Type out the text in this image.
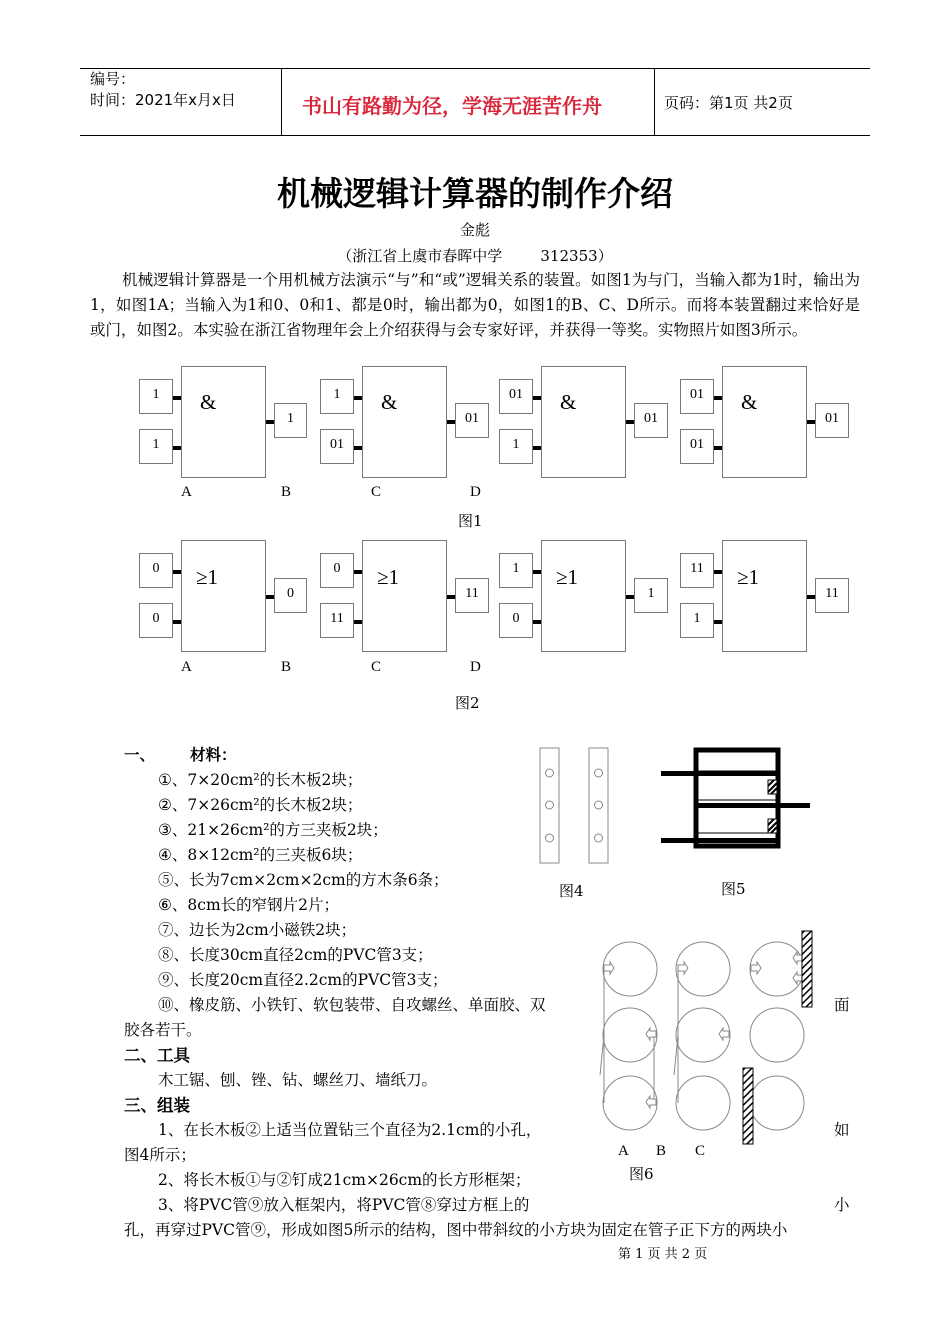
编号：
时间：2021年x月x日	书山有路勤为径，学海无涯苦作舟	页码：第1页 共2页
机械逻辑计算器的制作介绍
金彪
（浙江省上虞市春晖中学        312353）
机械逻辑计算器是一个用机械方法演示“与”和“或”逻辑关系的装置。如图1为与门，当输入都为1时，输出为1，如图1A；当输入为1和0、0和1、都是0时，输出都为0，如图1的B、C、D所示。而将本装置翻过来恰好是或门，如图2。本实验在浙江省物理年会上介绍获得与会专家好评，并获得一等奖。实物照片如图3所示。
1
1
&
1
1
01
&
01
01
1
&
01
01
01
&
01
A	B	C	D
图1
0
0
≥1
0
0
11
≥1
11
1
0
≥1
1
11
1
≥1
11
A	B	C	D
图2
一、 材料：
①、7×20cm²的长木板2块；
②、7×26cm²的长木板2块；
③、21×26cm²的方三夹板2块；
④、8×12cm²的三夹板6块；
⑤、长为7cm×2cm×2cm的方木条6条；
⑥、8cm长的窄钢片2片；
⑦、边长为2cm小磁铁2块；
⑧、长度30cm直径2cm的PVC管3支；
⑨、长度20cm直径2.2cm的PVC管3支；
⑩、橡皮筋、小铁钉、软包装带、自攻螺丝、单面胶、双	面
胶各若干。
二、工具
木工锯、刨、锉、钻、螺丝刀、墙纸刀。
三、组装
1、在长木板②上适当位置钻三个直径为2.1cm的小孔，	如
图4所示；
2、将长木板①与②钉成21cm×26cm的长方形框架；
3、将PVC管⑨放入框架内，将PVC管⑧穿过方框上的	小
孔，再穿过PVC管⑨，形成如图5所示的结构，图中带斜纹的小方块为固定在管子正下方的两块小
图4	图5
A B C
图6
第 1 页 共 2 页
